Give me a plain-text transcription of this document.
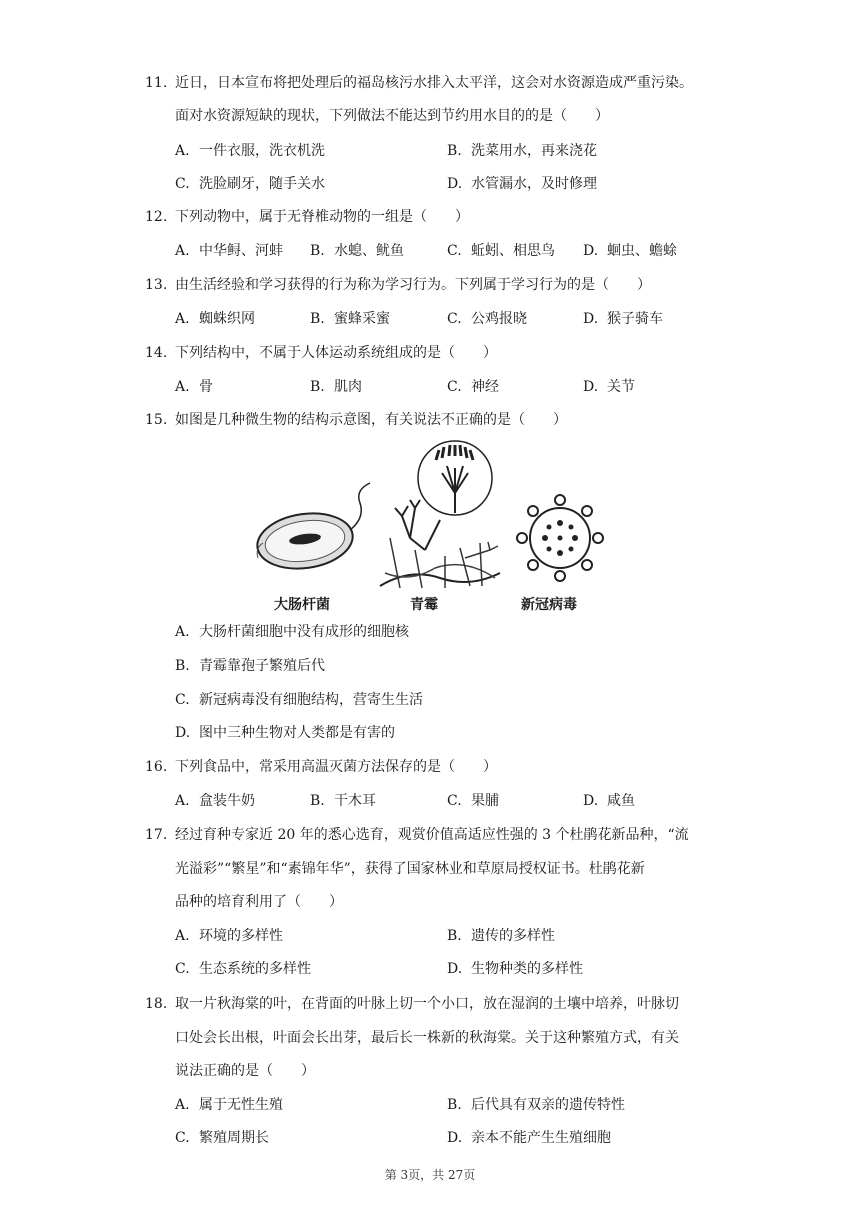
11. 近日，日本宣布将把处理后的福岛核污水排入太平洋，这会对水资源造成严重污染。
面对水资源短缺的现状，下列做法不能达到节约用水目的的是（　　）
A. 一件衣服，洗衣机洗	B. 洗菜用水，再来浇花
C. 洗脸刷牙，随手关水	D. 水管漏水，及时修理
12. 下列动物中，属于无脊椎动物的一组是（　　）
A. 中华鲟、河蚌 B. 水螅、鱿鱼	C. 蚯蚓、相思鸟 D. 蛔虫、蟾蜍
13. 由生活经验和学习获得的行为称为学习行为。下列属于学习行为的是（　　）
A. 蜘蛛织网	B. 蜜蜂采蜜	C. 公鸡报晓	D. 猴子骑车
14. 下列结构中，不属于人体运动系统组成的是（　　）
A. 骨	B. 肌肉	C. 神经	D. 关节
15. 如图是几种微生物的结构示意图，有关说法不正确的是（　　）
大肠杆菌	青霉	新冠病毒
A. 大肠杆菌细胞中没有成形的细胞核
B. 青霉靠孢子繁殖后代
C. 新冠病毒没有细胞结构，营寄生生活
D. 图中三种生物对人类都是有害的
16. 下列食品中，常采用高温灭菌方法保存的是（　　）
A. 盒装牛奶	B. 干木耳	C. 果脯	D. 咸鱼
17. 经过育种专家近 20 年的悉心选育，观赏价值高适应性强的 3 个杜鹃花新品种，“流
光溢彩”“繁星”和“素锦年华”，获得了国家林业和草原局授权证书。杜鹃花新
品种的培育利用了（　　）
A. 环境的多样性	B. 遗传的多样性
C. 生态系统的多样性	D. 生物种类的多样性
18. 取一片秋海棠的叶，在背面的叶脉上切一个小口，放在湿润的土壤中培养，叶脉切
口处会长出根，叶面会长出芽，最后长一株新的秋海棠。关于这种繁殖方式，有关
说法正确的是（　　）
A. 属于无性生殖	B. 后代具有双亲的遗传特性
C. 繁殖周期长	D. 亲本不能产生生殖细胞
第 3页，共 27页
